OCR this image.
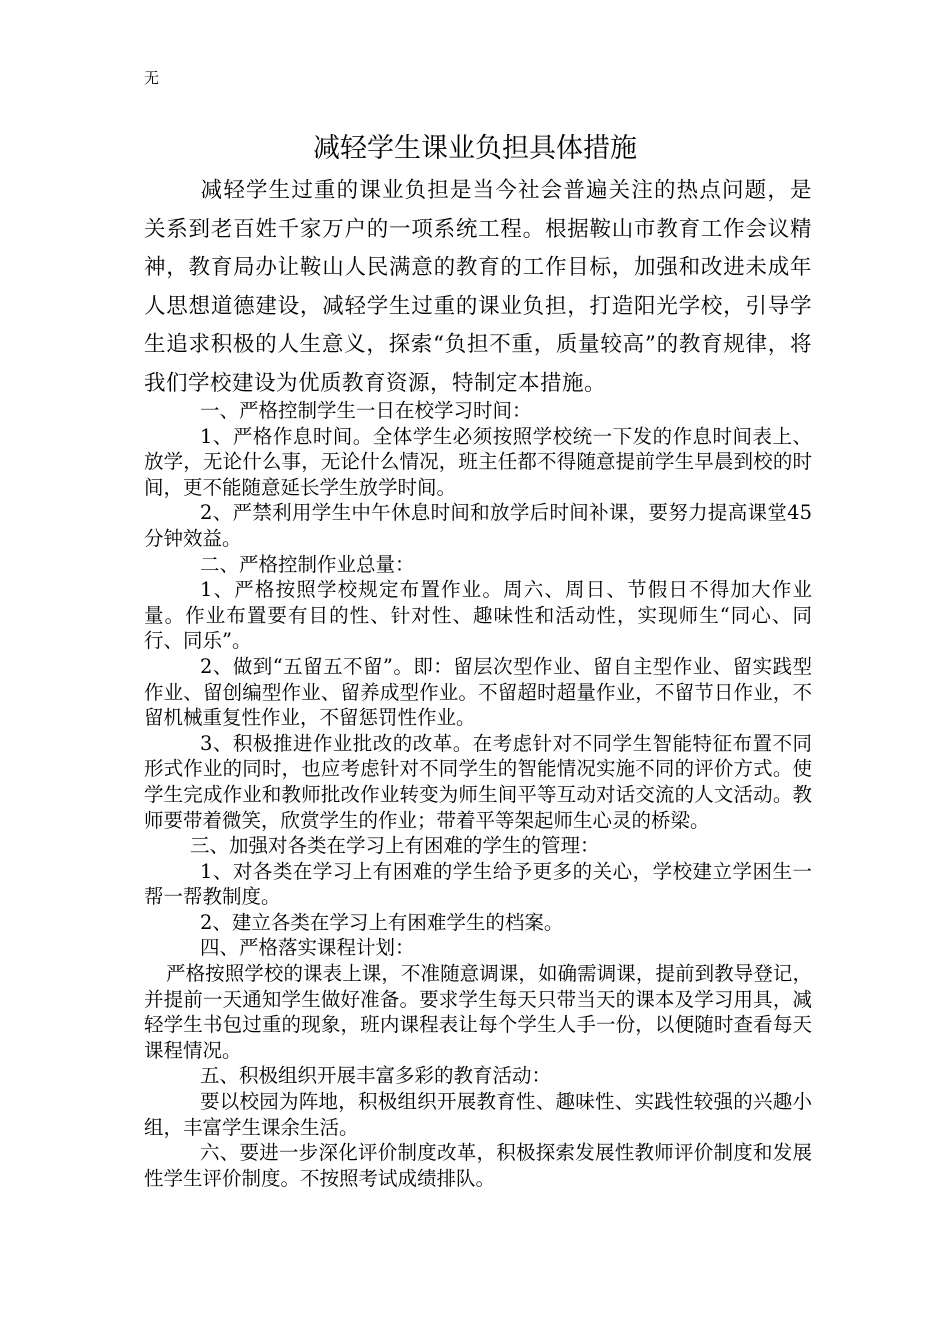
无
减轻学生课业负担具体措施

减轻学生过重的课业负担是当今社会普遍关注的热点问题，是关系到老百姓千家万户的一项系统工程。根据鞍山市教育工作会议精神，教育局办让鞍山人民满意的教育的工作目标，加强和改进未成年人思想道德建设，减轻学生过重的课业负担，打造阳光学校，引导学生追求积极的人生意义，探索“负担不重，质量较高”的教育规律，将我们学校建设为优质教育资源，特制定本措施。

一、严格控制学生一日在校学习时间：

1、严格作息时间。全体学生必须按照学校统一下发的作息时间表上、放学，无论什么事，无论什么情况，班主任都不得随意提前学生早晨到校的时间，更不能随意延长学生放学时间。

2、严禁利用学生中午休息时间和放学后时间补课，要努力提高课堂45分钟效益。

二、严格控制作业总量：

1、严格按照学校规定布置作业。周六、周日、节假日不得加大作业量。作业布置要有目的性、针对性、趣味性和活动性，实现师生“同心、同行、同乐”。

2、做到“五留五不留”。即：留层次型作业、留自主型作业、留实践型作业、留创编型作业、留养成型作业。不留超时超量作业，不留节日作业，不留机械重复性作业，不留惩罚性作业。

3、积极推进作业批改的改革。在考虑针对不同学生智能特征布置不同形式作业的同时，也应考虑针对不同学生的智能情况实施不同的评价方式。使学生完成作业和教师批改作业转变为师生间平等互动对话交流的人文活动。教师要带着微笑，欣赏学生的作业；带着平等架起师生心灵的桥梁。

三、加强对各类在学习上有困难的学生的管理：

1、对各类在学习上有困难的学生给予更多的关心，学校建立学困生一帮一帮教制度。

2、建立各类在学习上有困难学生的档案。

四、严格落实课程计划：

严格按照学校的课表上课，不准随意调课，如确需调课，提前到教导登记，并提前一天通知学生做好准备。要求学生每天只带当天的课本及学习用具，减轻学生书包过重的现象，班内课程表让每个学生人手一份，以便随时查看每天课程情况。

五、积极组织开展丰富多彩的教育活动：

要以校园为阵地，积极组织开展教育性、趣味性、实践性较强的兴趣小组，丰富学生课余生活。

六、要进一步深化评价制度改革，积极探索发展性教师评价制度和发展性学生评价制度。不按照考试成绩排队。
